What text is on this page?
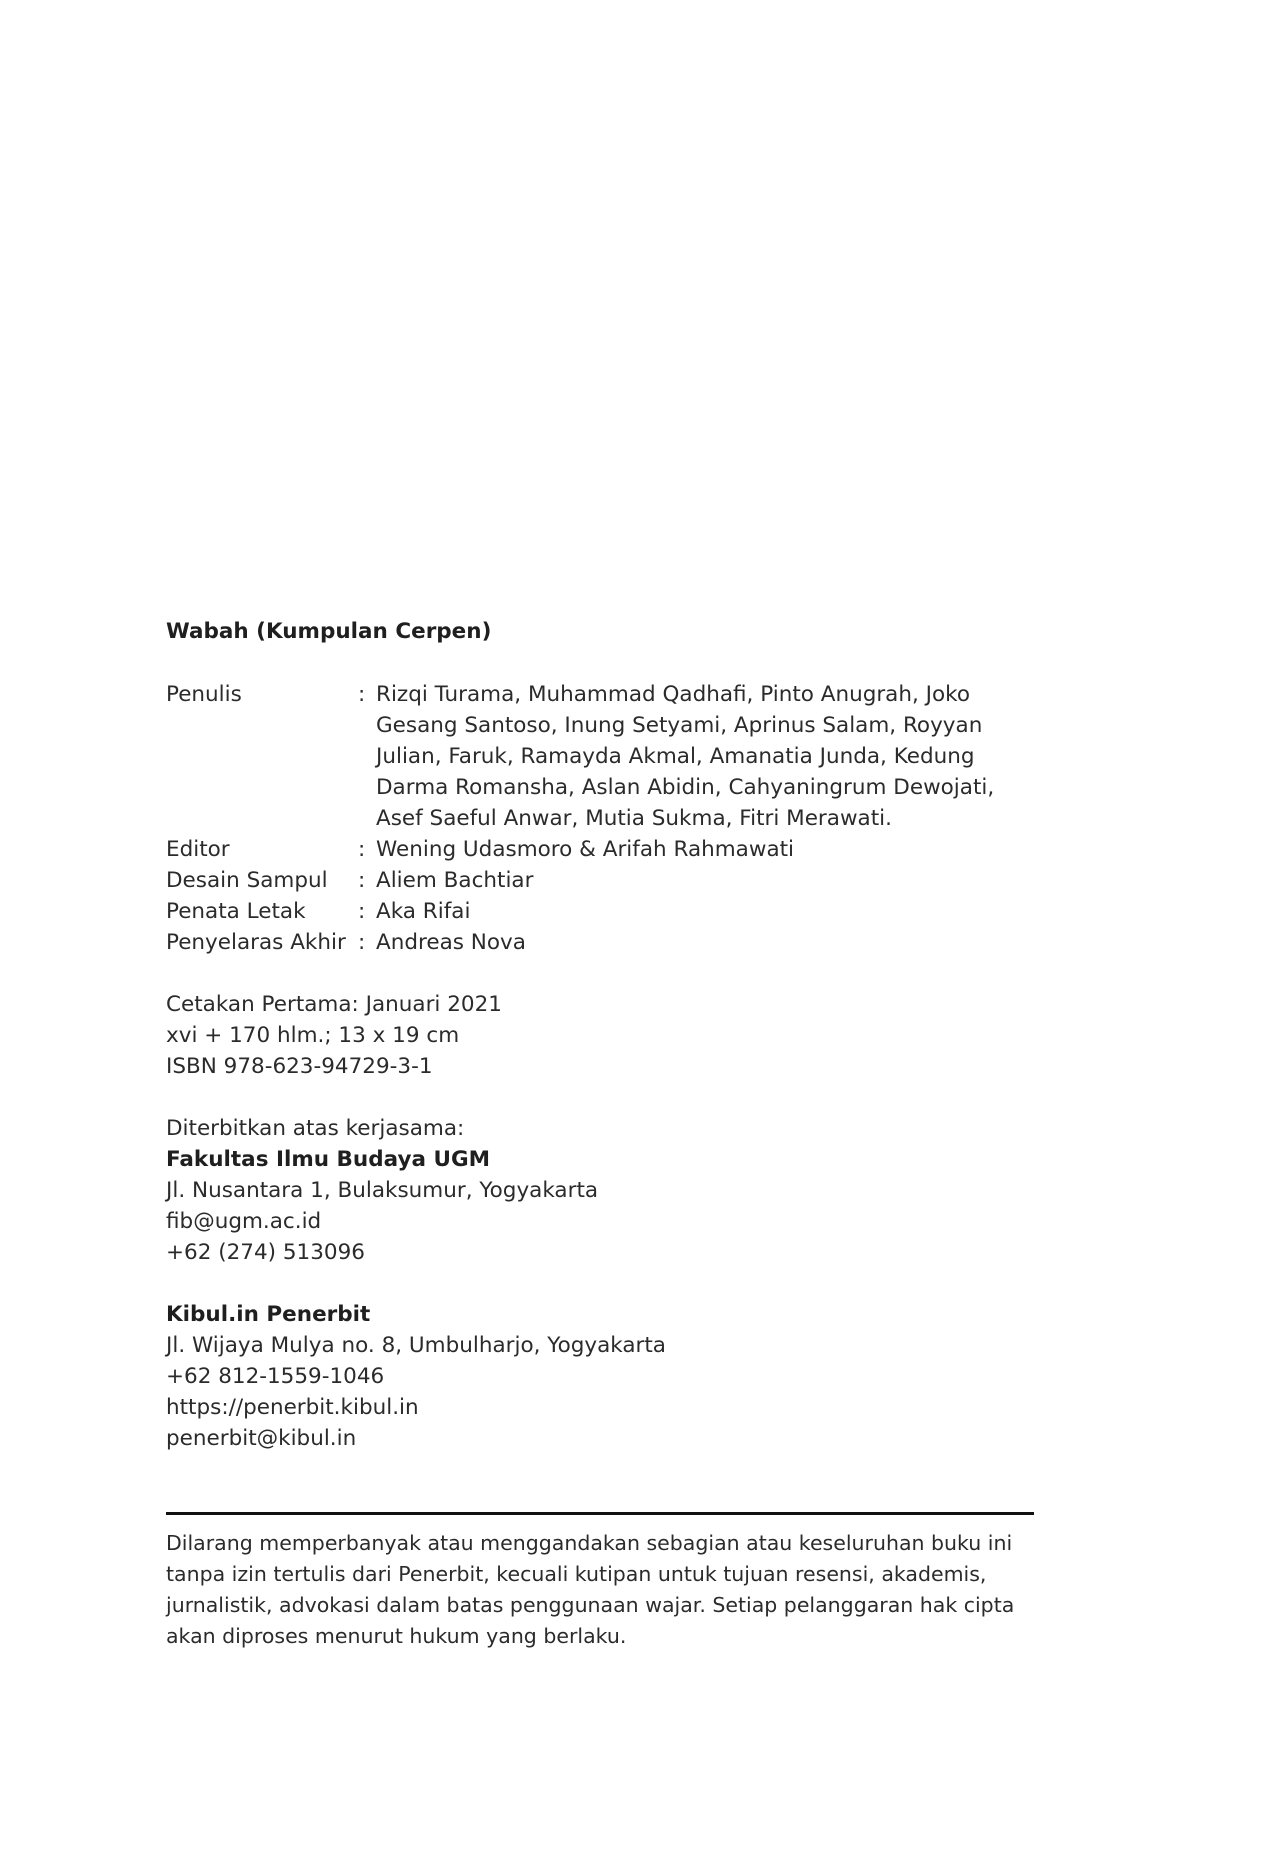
Wabah (Kumpulan Cerpen)
Penulis	: Rizqi Turama, Muhammad Qadhafi, Pinto Anugrah, Joko Gesang Santoso, Inung Setyami, Aprinus Salam, Royyan Julian, Faruk, Ramayda Akmal, Amanatia Junda, Kedung Darma Romansha, Aslan Abidin, Cahyaningrum Dewojati, Asef Saeful Anwar, Mutia Sukma, Fitri Merawati.
Editor	: Wening Udasmoro & Arifah Rahmawati
Desain Sampul	: Aliem Bachtiar
Penata Letak	: Aka Rifai
Penyelaras Akhir : Andreas Nova
Cetakan Pertama: Januari 2021
xvi + 170 hlm.; 13 x 19 cm
ISBN 978-623-94729-3-1
Diterbitkan atas kerjasama:
Fakultas Ilmu Budaya UGM
Jl. Nusantara 1, Bulaksumur, Yogyakarta
fib@ugm.ac.id
+62 (274) 513096
Kibul.in Penerbit
Jl. Wijaya Mulya no. 8, Umbulharjo, Yogyakarta
+62 812-1559-1046
https://penerbit.kibul.in
penerbit@kibul.in
Dilarang memperbanyak atau menggandakan sebagian atau keseluruhan buku ini tanpa izin tertulis dari Penerbit, kecuali kutipan untuk tujuan resensi, akademis, jurnalistik, advokasi dalam batas penggunaan wajar. Setiap pelanggaran hak cipta akan diproses menurut hukum yang berlaku.
